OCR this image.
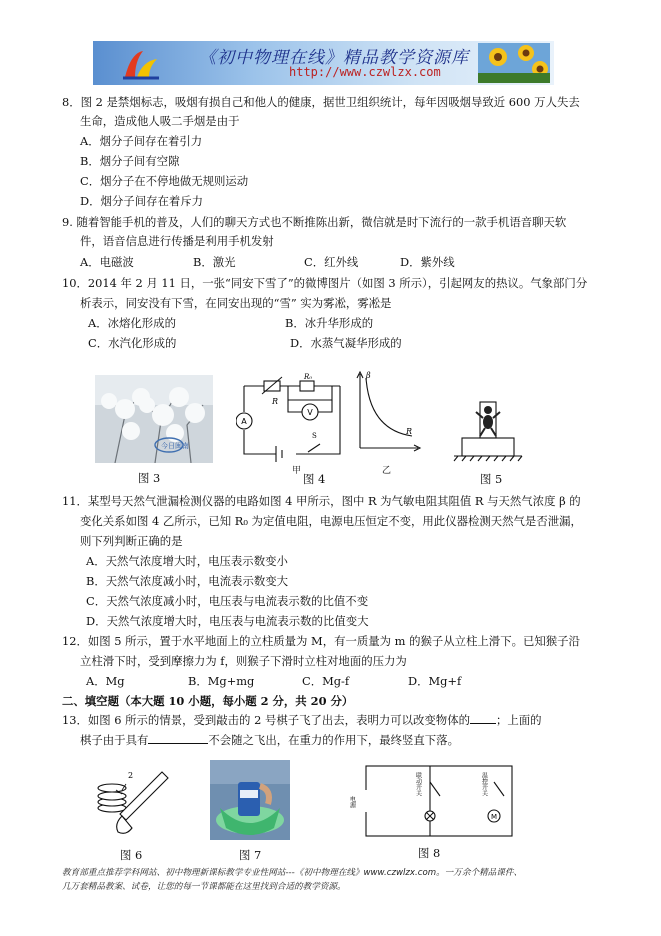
《初中物理在线》精品教学资源库
http://www.czwlzx.com
8．图 2 是禁烟标志，吸烟有损自己和他人的健康，据世卫组织统计，每年因吸烟导致近 600 万人失去
生命，造成他人吸二手烟是由于
A．烟分子间存在着引力
B．烟分子间有空隙
C．烟分子在不停地做无规则运动
D．烟分子间存在着斥力
9. 随着智能手机的普及，人们的聊天方式也不断推陈出新，微信就是时下流行的一款手机语音聊天软
件，语音信息进行传播是利用手机发射
A．电磁波	B．激光	C．红外线	D．紫外线
10．2014 年 2 月 11 日，一张“同安下雪了”的微博图片（如图 3 所示），引起网友的热议。气象部门分
析表示，同安没有下雪，在同安出现的“雪” 实为雾凇，雾凇是
A．冰熔化形成的	B．冰升华形成的
C．水汽化形成的	D．水蒸气凝华形成的
今日闽南
图 3
A
V
R
R₀
S
甲
β
R
图 4
乙
图 5
11．某型号天然气泄漏检测仪器的电路如图 4 甲所示，图中 R 为气敏电阻其阻值 R 与天然气浓度 β 的
变化关系如图 4 乙所示，已知 R₀ 为定值电阻，电源电压恒定不变，用此仪器检测天然气是否泄漏，
则下列判断正确的是
A．天然气浓度增大时，电压表示数变小
B．天然气浓度减小时，电流表示数变大
C．天然气浓度减小时，电压表与电流表示数的比值不变
D．天然气浓度增大时，电压表与电流表示数的比值变大
12．如图 5 所示，置于水平地面上的立柱质量为 M，有一质量为 m 的猴子从立柱上滑下。已知猴子沿
立柱滑下时，受到摩擦力为 f，则猴子下滑时立柱对地面的压力为
A．Mg	B．Mg+mg	C．Mg-f	D．Mg+f
二、填空题（本大题 10 小题，每小题 2 分，共 20 分）
13．如图 6 所示的情景，受到敲击的 2 号棋子飞了出去，表明力可以改变物体的 ；上面的
棋子由于具有	不会随之飞出，在重力的作用下，最终竖直下落。
2
图 6	图 7
M
电源
联动开关	温控开关
图 8
教育部重点推荐学科网站、初中物理新课标教学专业性网站---《初中物理在线》www.czwlzx.com。一万余个精品课件、
几万套精品教案、试卷，让您的每一节课都能在这里找到合适的教学资源。
